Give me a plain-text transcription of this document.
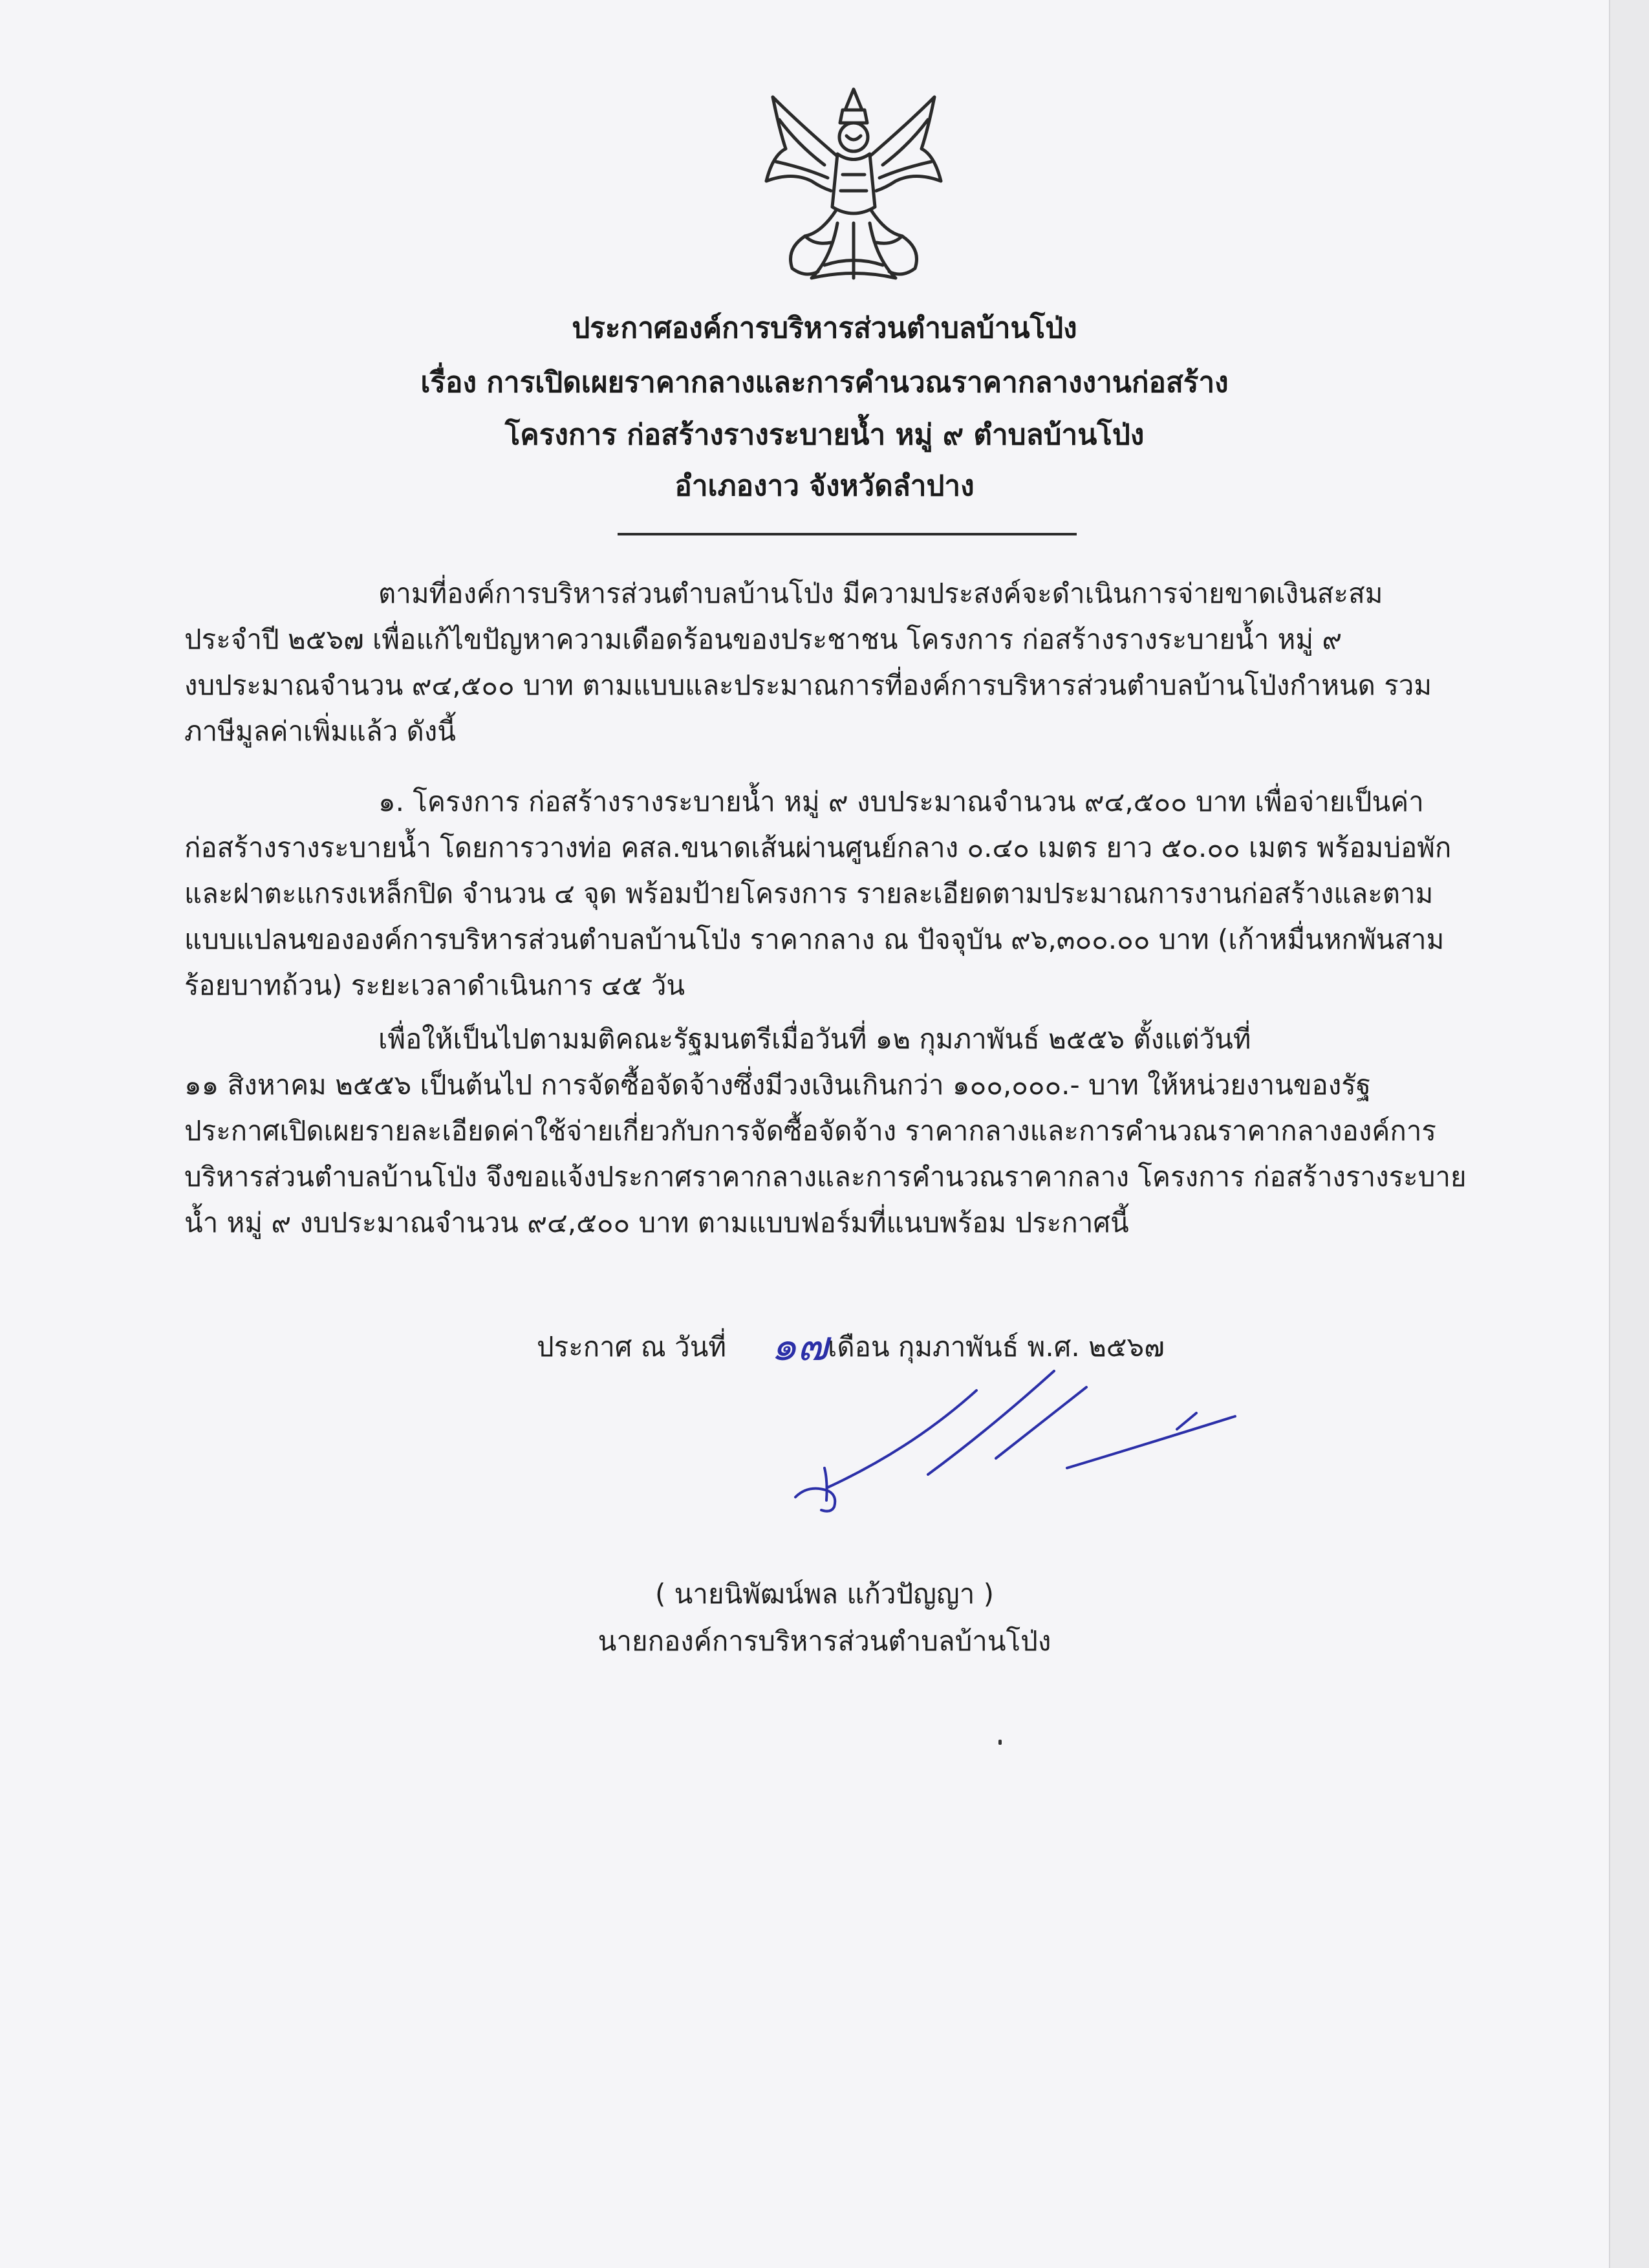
ประกาศองค์การบริหารส่วนตำบลบ้านโป่ง
เรื่อง การเปิดเผยราคากลางและการคำนวณราคากลางงานก่อสร้าง
โครงการ ก่อสร้างรางระบายน้ำ หมู่ ๙ ตำบลบ้านโป่ง
อำเภองาว จังหวัดลำปาง
ตามที่องค์การบริหารส่วนตำบลบ้านโป่ง มีความประสงค์จะดำเนินการจ่ายขาดเงินสะสม
ประจำปี ๒๕๖๗ เพื่อแก้ไขปัญหาความเดือดร้อนของประชาชน โครงการ ก่อสร้างรางระบายน้ำ หมู่ ๙
งบประมาณจำนวน ๙๔,๕๐๐ บาท ตามแบบและประมาณการที่องค์การบริหารส่วนตำบลบ้านโป่งกำหนด รวม
ภาษีมูลค่าเพิ่มแล้ว ดังนี้
๑. โครงการ ก่อสร้างรางระบายน้ำ หมู่ ๙ งบประมาณจำนวน ๙๔,๕๐๐ บาท เพื่อจ่ายเป็นค่า
ก่อสร้างรางระบายน้ำ โดยการวางท่อ คสล.ขนาดเส้นผ่านศูนย์กลาง ๐.๔๐ เมตร ยาว ๕๐.๐๐ เมตร พร้อมบ่อพัก
และฝาตะแกรงเหล็กปิด จำนวน ๔ จุด พร้อมป้ายโครงการ รายละเอียดตามประมาณการงานก่อสร้างและตาม
แบบแปลนขององค์การบริหารส่วนตำบลบ้านโป่ง ราคากลาง ณ ปัจจุบัน ๙๖,๓๐๐.๐๐ บาท (เก้าหมื่นหกพันสาม
ร้อยบาทถ้วน) ระยะเวลาดำเนินการ ๔๕ วัน
เพื่อให้เป็นไปตามมติคณะรัฐมนตรีเมื่อวันที่ ๑๒ กุมภาพันธ์ ๒๕๕๖ ตั้งแต่วันที่
๑๑ สิงหาคม ๒๕๕๖ เป็นต้นไป การจัดซื้อจัดจ้างซึ่งมีวงเงินเกินกว่า ๑๐๐,๐๐๐.- บาท ให้หน่วยงานของรัฐ
ประกาศเปิดเผยรายละเอียดค่าใช้จ่ายเกี่ยวกับการจัดซื้อจัดจ้าง ราคากลางและการคำนวณราคากลางองค์การ
บริหารส่วนตำบลบ้านโป่ง จึงขอแจ้งประกาศราคากลางและการคำนวณราคากลาง โครงการ ก่อสร้างรางระบาย
น้ำ หมู่ ๙ งบประมาณจำนวน ๙๔,๕๐๐ บาท ตามแบบฟอร์มที่แนบพร้อม ประกาศนี้
ประกาศ ณ วันที่ ๑๗ เดือน กุมภาพันธ์ พ.ศ. ๒๕๖๗
( นายนิพัฒน์พล แก้วปัญญา )
นายกองค์การบริหารส่วนตำบลบ้านโป่ง
